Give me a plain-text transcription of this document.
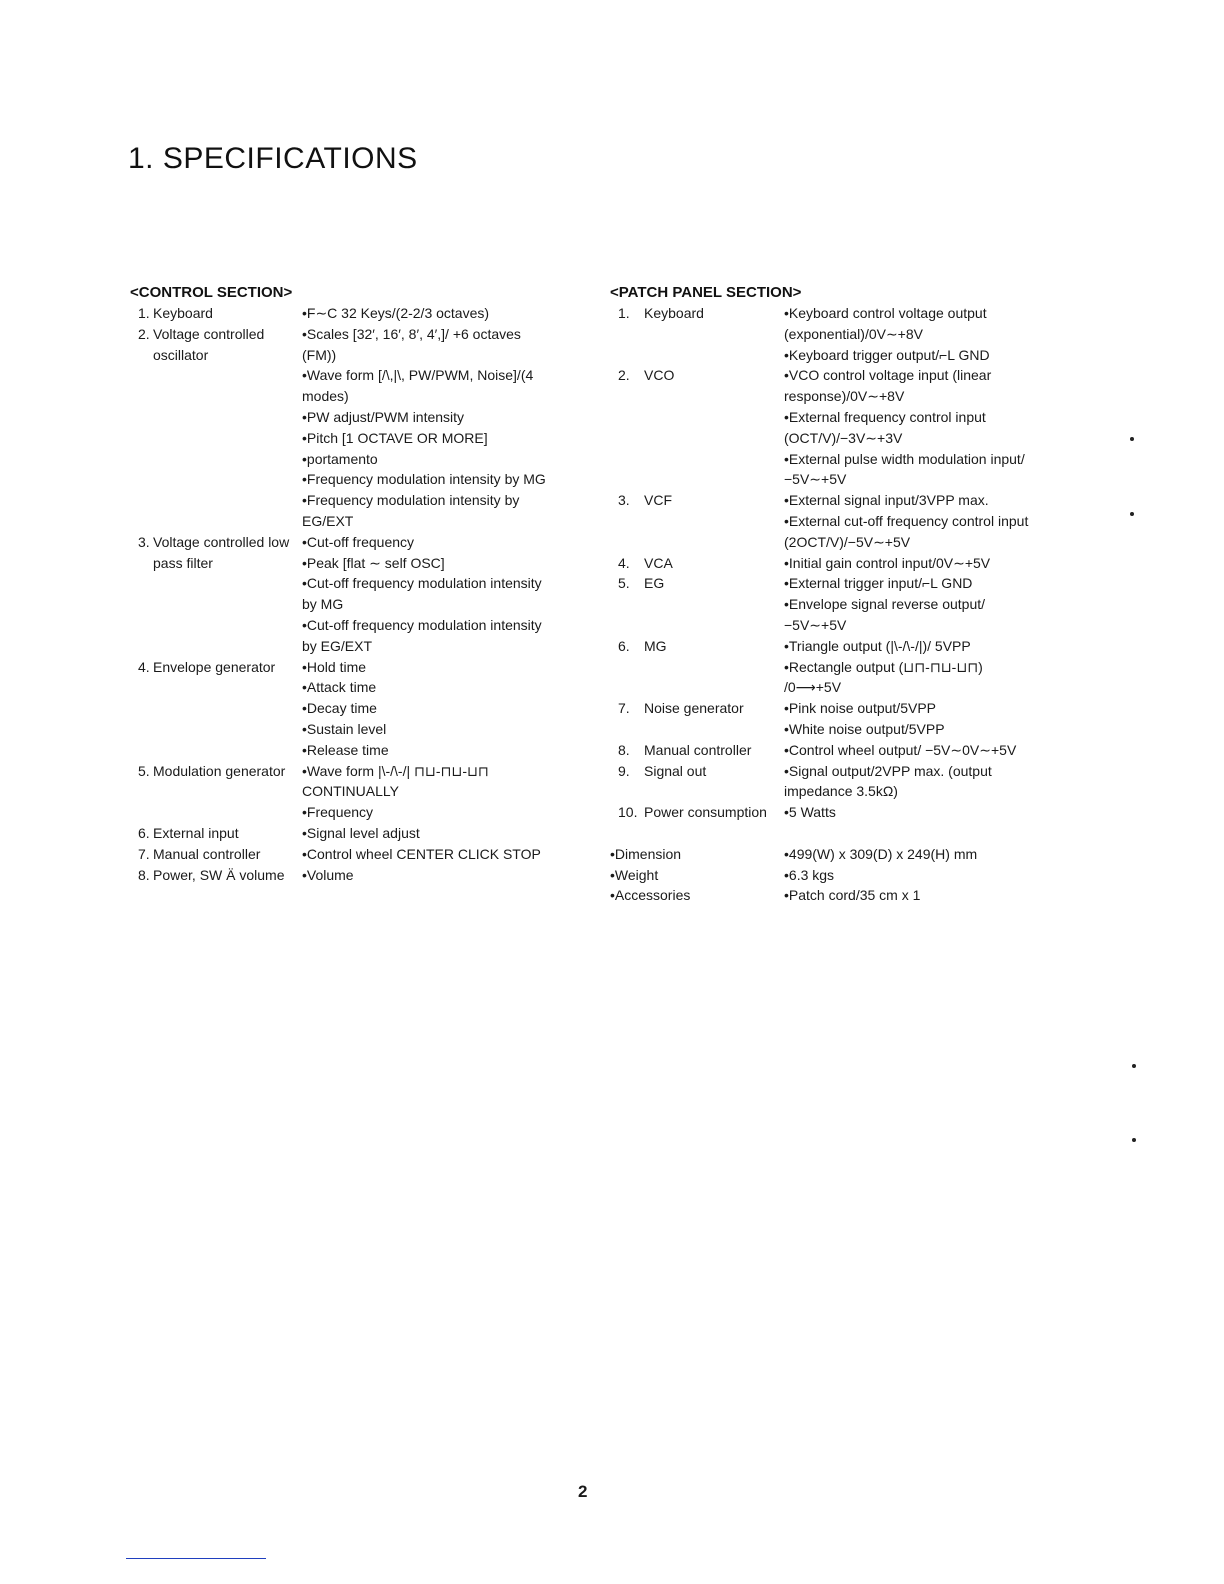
1. SPECIFICATIONS
<CONTROL SECTION>
1. Keyboard	•F∼C 32 Keys/(2-2/3 octaves)
2. Voltage controlled oscillator
•Scales [32′, 16′, 8′, 4′,]/ +6 octaves (FM))
•Wave form [/\,|\, PW/PWM, Noise]/(4 modes)
•PW adjust/PWM intensity
•Pitch [1 OCTAVE OR MORE]
•portamento
•Frequency modulation intensity by MG
•Frequency modulation intensity by EG/EXT
3. Voltage controlled low pass filter
•Cut-off frequency
•Peak [flat ∼ self OSC]
•Cut-off frequency modulation intensity by MG
•Cut-off frequency modulation intensity by EG/EXT
4. Envelope generator	•Hold time
•Attack time
•Decay time
•Sustain level
•Release time
5. Modulation generator	•Wave form |\-/\-/| ⊓⊔-⊓⊔-⊔⊓ CONTINUALLY
•Frequency
6. External input	•Signal level adjust
7. Manual controller	•Control wheel CENTER CLICK STOP
8. Power, SW Ä volume	•Volume
<PATCH PANEL SECTION>
1.	Keyboard	•Keyboard control voltage output (exponential)/0V∼+8V
•Keyboard trigger output/⌐L GND
2.	VCO	•VCO control voltage input (linear response)/0V∼+8V
•External frequency control input (OCT/V)/−3V∼+3V
•External pulse width modulation input/−5V∼+5V
3.	VCF	•External signal input/3VPP max.
•External cut-off frequency control input (2OCT/V)/−5V∼+5V
4.	VCA	•Initial gain control input/0V∼+5V
5.	EG	•External trigger input/⌐L GND
•Envelope signal reverse output/−5V∼+5V
6.	MG	•Triangle output (|\-/\-/|)/ 5VPP
•Rectangle output (⊔⊓-⊓⊔-⊔⊓) /0⟶+5V
7.	Noise generator	•Pink noise output/5VPP
•White noise output/5VPP
8.	Manual controller	•Control wheel output/ −5V∼0V∼+5V
9.	Signal out	•Signal output/2VPP max. (output impedance 3.5kΩ)
10. Power consumption	•5 Watts
•Dimension	•499(W) x 309(D) x 249(H) mm
•Weight	•6.3 kgs
•Accessories	•Patch cord/35 cm x 1
2
